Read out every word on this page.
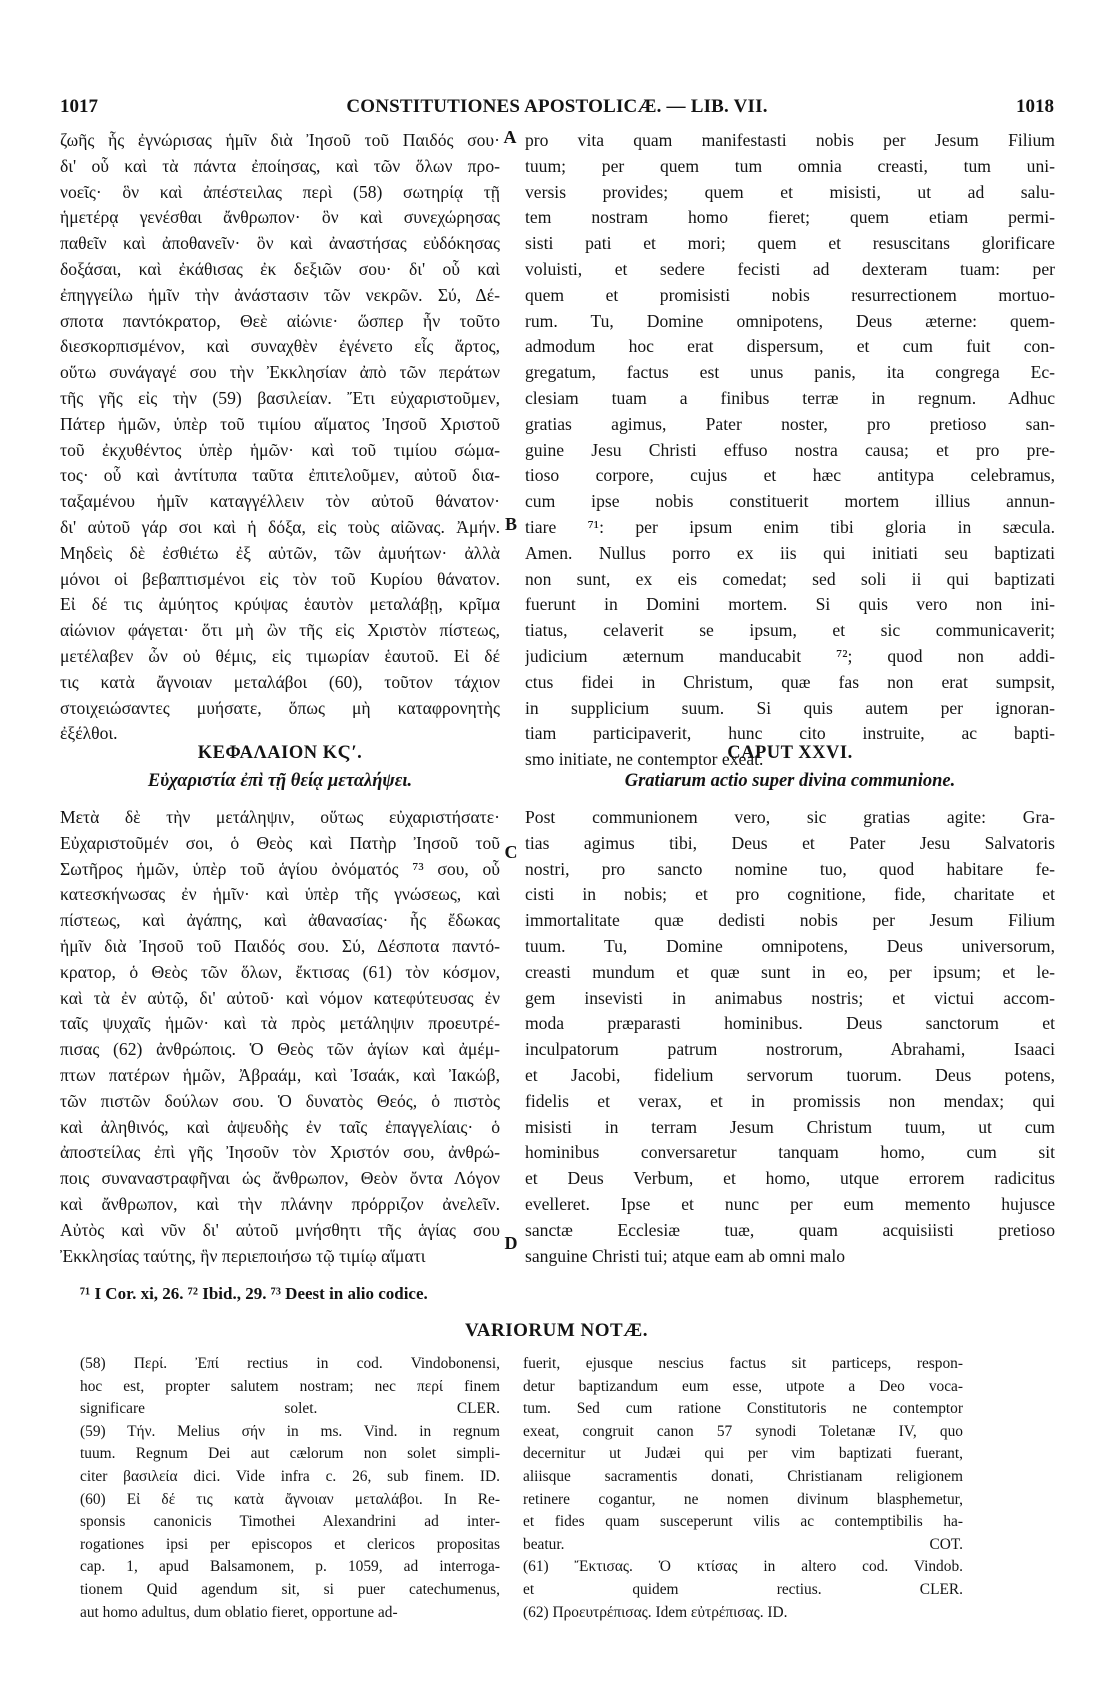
1017	CONSTITUTIONES APOSTOLICÆ. — LIB. VII.	1018
ζωῆς ἧς ἐγνώρισας ἡμῖν διὰ Ἰησοῦ τοῦ Παιδός σου·
δι' οὗ καὶ τὰ πάντα ἐποίησας, καὶ τῶν ὅλων προ-
νοεῖς· ὃν καὶ ἀπέστειλας περὶ (58) σωτηρίᾳ τῇ
ἡμετέρᾳ γενέσθαι ἄνθρωπον· ὃν καὶ συνεχώρησας
παθεῖν καὶ ἀποθανεῖν· ὃν καὶ ἀναστήσας εὐδόκησας
δοξάσαι, καὶ ἐκάθισας ἐκ δεξιῶν σου· δι' οὗ καὶ
ἐπηγγείλω ἡμῖν τὴν ἀνάστασιν τῶν νεκρῶν. Σύ, Δέ-
σποτα παντόκρατορ, Θεὲ αἰώνιε· ὥσπερ ἦν τοῦτο
διεσκορπισμένον, καὶ συναχθὲν ἐγένετο εἷς ἄρτος,
οὕτω συνάγαγέ σου τὴν Ἐκκλησίαν ἀπὸ τῶν περάτων
τῆς γῆς εἰς τὴν (59) βασιλείαν. Ἔτι εὐχαριστοῦμεν,
Πάτερ ἡμῶν, ὑπὲρ τοῦ τιμίου αἵματος Ἰησοῦ Χριστοῦ
τοῦ ἐκχυθέντος ὑπὲρ ἡμῶν· καὶ τοῦ τιμίου σώμα-
τος· οὗ καὶ ἀντίτυπα ταῦτα ἐπιτελοῦμεν, αὐτοῦ δια-
ταξαμένου ἡμῖν καταγγέλλειν τὸν αὐτοῦ θάνατον·
δι' αὐτοῦ γάρ σοι καὶ ἡ δόξα, εἰς τοὺς αἰῶνας. Ἀμήν.
Μηδεὶς δὲ ἐσθιέτω ἐξ αὐτῶν, τῶν ἀμυήτων· ἀλλὰ
μόνοι οἱ βεβαπτισμένοι εἰς τὸν τοῦ Κυρίου θάνατον.
Εἰ δέ τις ἀμύητος κρύψας ἑαυτὸν μεταλάβῃ, κρῖμα
αἰώνιον φάγεται· ὅτι μὴ ὢν τῆς εἰς Χριστὸν πίστεως,
μετέλαβεν ὧν οὐ θέμις, εἰς τιμωρίαν ἑαυτοῦ. Εἰ δέ
τις κατὰ ἄγνοιαν μεταλάβοι (60), τοῦτον τάχιον
στοιχειώσαντες μυήσατε, ὅπως μὴ καταφρονητὴς
ἐξέλθοι.
pro vita quam manifestasti nobis per Jesum Filium
tuum; per quem tum omnia creasti, tum uni-
versis provides; quem et misisti, ut ad salu-
tem nostram homo fieret; quem etiam permi-
sisti pati et mori; quem et resuscitans glorificare
voluisti, et sedere fecisti ad dexteram tuam: per
quem et promisisti nobis resurrectionem mortuo-
rum. Tu, Domine omnipotens, Deus æterne: quem-
admodum hoc erat dispersum, et cum fuit con-
gregatum, factus est unus panis, ita congrega Ec-
clesiam tuam a finibus terræ in regnum. Adhuc
gratias agimus, Pater noster, pro pretioso san-
guine Jesu Christi effuso nostra causa; et pro pre-
tioso corpore, cujus et hæc antitypa celebramus,
cum ipse nobis constituerit mortem illius annun-
tiare ⁷¹: per ipsum enim tibi gloria in sæcula.
Amen. Nullus porro ex iis qui initiati seu baptizati
non sunt, ex eis comedat; sed soli ii qui baptizati
fuerunt in Domini mortem. Si quis vero non ini-
tiatus, celaverit se ipsum, et sic communicaverit;
judicium æternum manducabit ⁷²; quod non addi-
ctus fidei in Christum, quæ fas non erat sumpsit,
in supplicium suum. Si quis autem per ignoran-
tiam participaverit, hunc cito instruite, ac bapti-
smo initiate, ne contemptor exeat.
A
B
C
D
ΚΕΦΑΛΑΙΟΝ ΚϚʹ.
Εὐχαριστία ἐπὶ τῇ θείᾳ μεταλήψει.
CAPUT XXVI.
Gratiarum actio super divina communione.
Μετὰ δὲ τὴν μετάληψιν, οὕτως εὐχαριστήσατε·
Εὐχαριστοῦμέν σοι, ὁ Θεὸς καὶ Πατὴρ Ἰησοῦ τοῦ
Σωτῆρος ἡμῶν, ὑπὲρ τοῦ ἁγίου ὀνόματός ⁷³ σου, οὗ
κατεσκήνωσας ἐν ἡμῖν· καὶ ὑπὲρ τῆς γνώσεως, καὶ
πίστεως, καὶ ἀγάπης, καὶ ἀθανασίας· ἧς ἔδωκας
ἡμῖν διὰ Ἰησοῦ τοῦ Παιδός σου. Σύ, Δέσποτα παντό-
κρατορ, ὁ Θεὸς τῶν ὅλων, ἔκτισας (61) τὸν κόσμον,
καὶ τὰ ἐν αὐτῷ, δι' αὐτοῦ· καὶ νόμον κατεφύτευσας ἐν
ταῖς ψυχαῖς ἡμῶν· καὶ τὰ πρὸς μετάληψιν προευτρέ-
πισας (62) ἀνθρώποις. Ὁ Θεὸς τῶν ἁγίων καὶ ἀμέμ-
πτων πατέρων ἡμῶν, Ἀβραάμ, καὶ Ἰσαάκ, καὶ Ἰακώβ,
τῶν πιστῶν δούλων σου. Ὁ δυνατὸς Θεός, ὁ πιστὸς
καὶ ἀληθινός, καὶ ἀψευδὴς ἐν ταῖς ἐπαγγελίαις· ὁ
ἀποστείλας ἐπὶ γῆς Ἰησοῦν τὸν Χριστόν σου, ἀνθρώ-
ποις συναναστραφῆναι ὡς ἄνθρωπον, Θεὸν ὄντα Λόγον
καὶ ἄνθρωπον, καὶ τὴν πλάνην πρόρριζον ἀνελεῖν.
Αὐτὸς καὶ νῦν δι' αὐτοῦ μνήσθητι τῆς ἁγίας σου
Ἐκκλησίας ταύτης, ἣν περιεποιήσω τῷ τιμίῳ αἵματι
Post communionem vero, sic gratias agite: Gra-
tias agimus tibi, Deus et Pater Jesu Salvatoris
nostri, pro sancto nomine tuo, quod habitare fe-
cisti in nobis; et pro cognitione, fide, charitate et
immortalitate quæ dedisti nobis per Jesum Filium
tuum. Tu, Domine omnipotens, Deus universorum,
creasti mundum et quæ sunt in eo, per ipsum; et le-
gem insevisti in animabus nostris; et victui accom-
moda præparasti hominibus. Deus sanctorum et
inculpatorum patrum nostrorum, Abrahami, Isaaci
et Jacobi, fidelium servorum tuorum. Deus potens,
fidelis et verax, et in promissis non mendax; qui
misisti in terram Jesum Christum tuum, ut cum
hominibus conversaretur tanquam homo, cum sit
et Deus Verbum, et homo, utque errorem radicitus
evelleret. Ipse et nunc per eum memento hujusce
sanctæ Ecclesiæ tuæ, quam acquisiisti pretioso
sanguine Christi tui; atque eam ab omni malo
⁷¹ I Cor. xi, 26. ⁷² Ibid., 29. ⁷³ Deest in alio codice.
VARIORUM NOTÆ.
(58) Περί. Ἐπί rectius in cod. Vindobonensi,
hoc est, propter salutem nostram; nec περί finem
significare solet. CLER.
(59) Τήν. Melius σήν in ms. Vind. in regnum
tuum. Regnum Dei aut cælorum non solet simpli-
citer βασιλεία dici. Vide infra c. 26, sub finem. ID.
(60) Εἰ δέ τις κατὰ ἄγνοιαν μεταλάβοι. In Re-
sponsis canonicis Timothei Alexandrini ad inter-
rogationes ipsi per episcopos et clericos propositas
cap. 1, apud Balsamonem, p. 1059, ad interroga-
tionem Quid agendum sit, si puer catechumenus,
aut homo adultus, dum oblatio fieret, opportune ad-
fuerit, ejusque nescius factus sit particeps, respon-
detur baptizandum eum esse, utpote a Deo voca-
tum. Sed cum ratione Constitutoris ne contemptor
exeat, congruit canon 57 synodi Toletanæ IV, quo
decernitur ut Judæi qui per vim baptizati fuerant,
aliisque sacramentis donati, Christianam religionem
retinere cogantur, ne nomen divinum blasphemetur,
et fides quam susceperunt vilis ac contemptibilis ha-
beatur. COT.
(61) Ἔκτισας. Ὁ κτίσας in altero cod. Vindob.
et quidem rectius. CLER.
(62) Προευτρέπισας. Idem εὐτρέπισας. ID.
